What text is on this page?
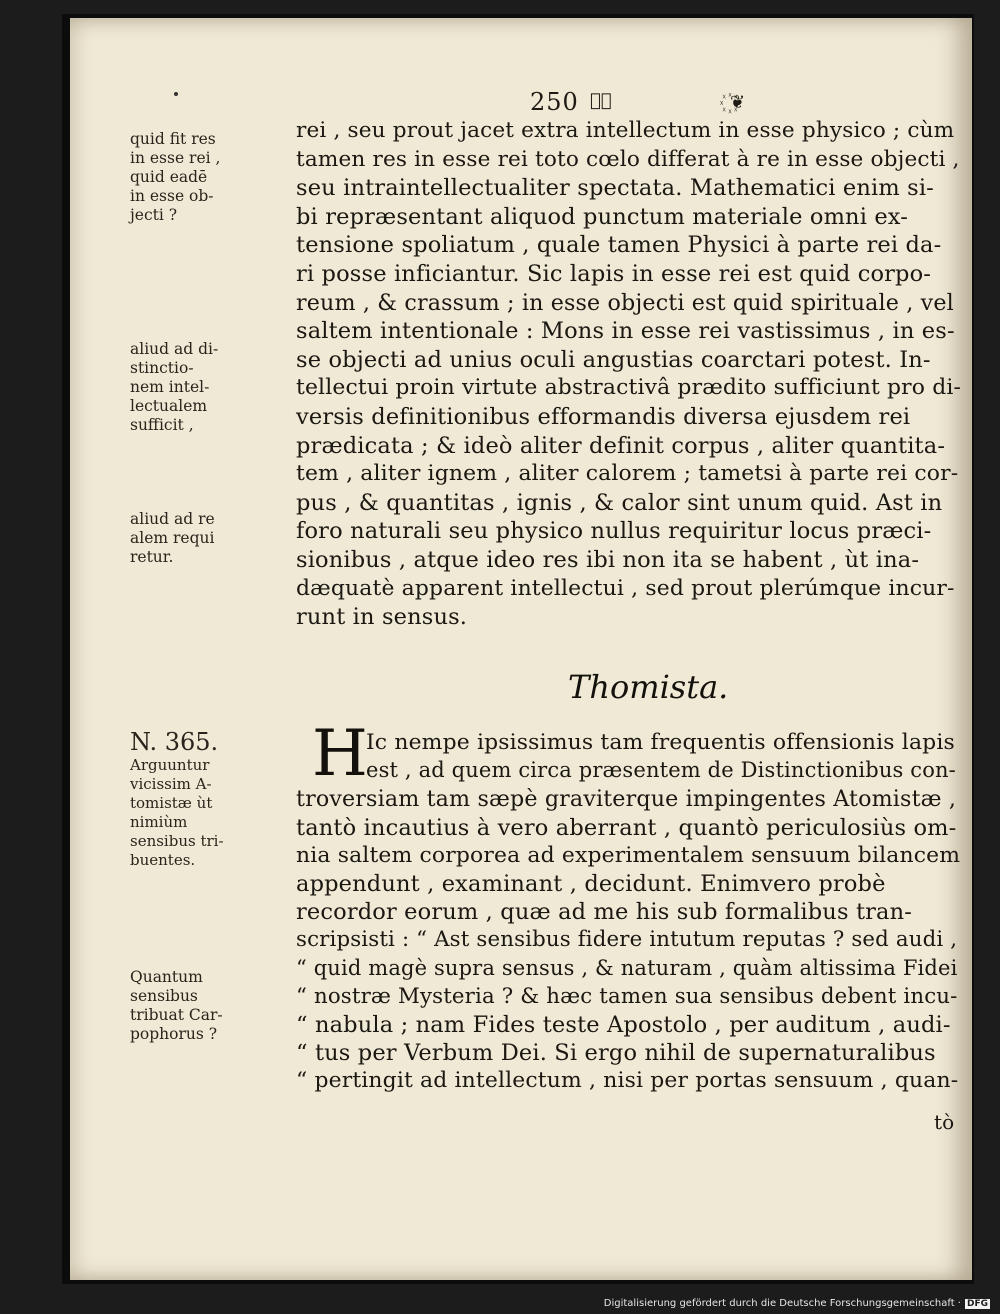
❦꙰
250	꙰❦
quid fit res
in esse rei ,
quid eadē
in esse ob-
jecti ?
aliud ad di-
stinctio-
nem intel-
lectualem
sufficit ,
aliud ad re
alem requi
retur.
N. 365.
Arguuntur
vicissim A-
tomistæ ùt
nimiùm
sensibus tri-
buentes.
Quantum
sensibus
tribuat Car-
pophorus ?
rei , seu prout jacet extra intellectum in esse physico ; cùm
tamen res in esse rei toto cœlo differat à re in esse objecti ,
seu intraintellectualiter spectata. Mathematici enim si-
bi repræsentant aliquod punctum materiale omni ex-
tensione spoliatum , quale tamen Physici à parte rei da-
ri posse inficiantur. Sic lapis in esse rei est quid corpo-
reum , & crassum ; in esse objecti est quid spirituale , vel
saltem intentionale : Mons in esse rei vastissimus , in es-
se objecti ad unius oculi angustias coarctari potest. In-
tellectui proin virtute abstractivâ prædito sufficiunt pro di-
versis definitionibus efformandis diversa ejusdem rei
prædicata ; & ideò aliter definit corpus , aliter quantita-
tem , aliter ignem , aliter calorem ; tametsi à parte rei cor-
pus , & quantitas , ignis , & calor sint unum quid. Ast in
foro naturali seu physico nullus requiritur locus præci-
sionibus , atque ideo res ibi non ita se habent , ùt ina-
dæquatè apparent intellectui , sed prout plerúmque incur-
runt in sensus.
Thomista.
H
Ic nempe ipsissimus tam frequentis offensionis lapis
est , ad quem circa præsentem de Distinctionibus con-
troversiam tam sæpè graviterque impingentes Atomistæ ,
tantò incautius à vero aberrant , quantò periculosiùs om-
nia saltem corporea ad experimentalem sensuum bilancem
appendunt , examinant , decidunt. Enimvero probè
recordor eorum , quæ ad me his sub formalibus tran-
scripsisti : “ Ast sensibus fidere intutum reputas ? sed audi ,
“ quid magè supra sensus , & naturam , quàm altissima Fidei
“ nostræ Mysteria ? & hæc tamen sua sensibus debent incu-
“ nabula ; nam Fides teste Apostolo , per auditum , audi-
“ tus per Verbum Dei. Si ergo nihil de supernaturalibus
“ pertingit ad intellectum , nisi per portas sensuum , quan-
tò
Digitalisierung gefördert durch die Deutsche Forschungsgemeinschaft · DFG
